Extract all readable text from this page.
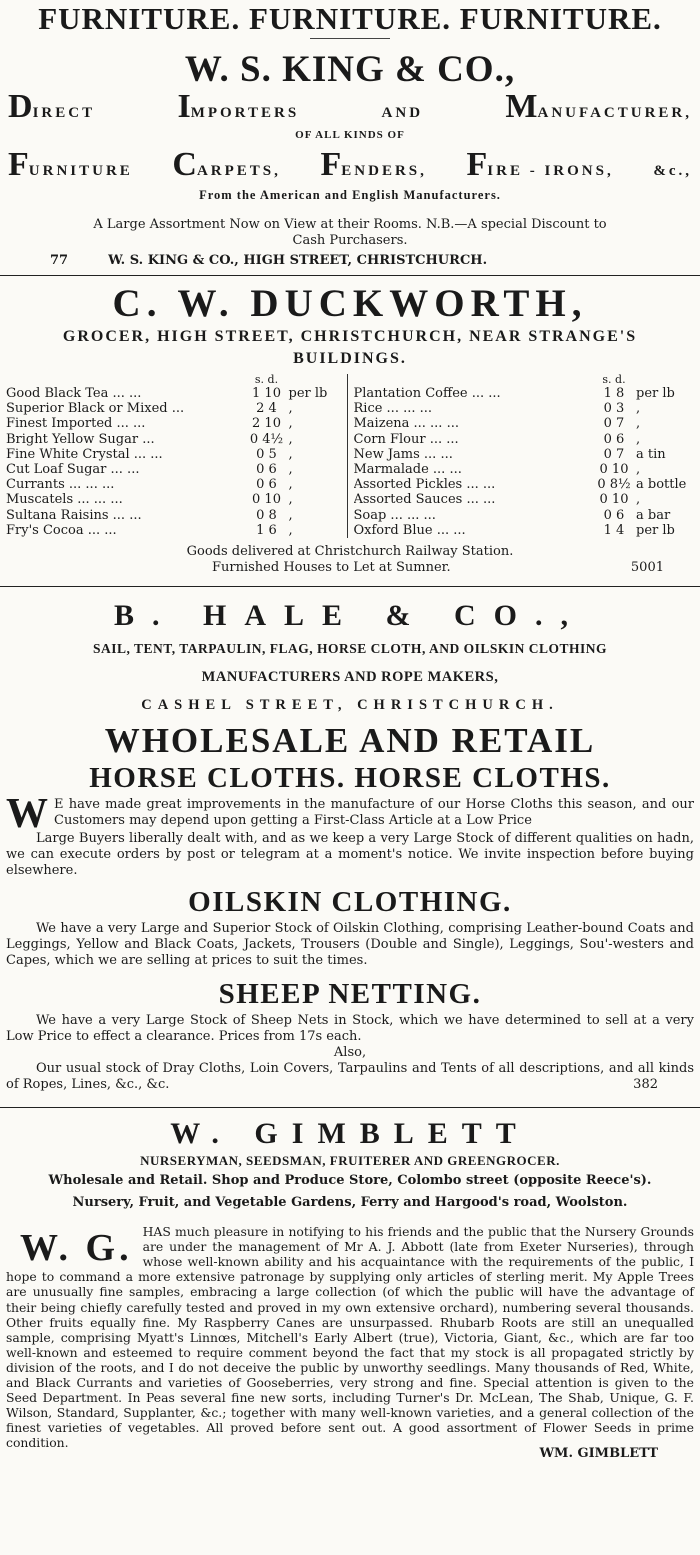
FURNITURE. FURNITURE. FURNITURE.
W. S. KING & CO.,
DIRECT IMPORTERS	AND MANUFACTURER,
OF ALL KINDS OF
FURNITURE CARPETS, FENDERS, FIRE - IRONS,	&c.,
From the American and English Manufacturers.
A Large Assortment Now on View at their Rooms. N.B.—A special Discount to
Cash Purchasers.
77	W. S. KING & CO., HIGH STREET, CHRISTCHURCH.
C. W. DUCKWORTH,
GROCER, HIGH STREET, CHRISTCHURCH, NEAR STRANGE'S
BUILDINGS.
s. d.
Good Black Tea ... ...	1 10 per lb
Superior Black or Mixed ...	2 4 ,
Finest Imported ... ...	2 10 ,
Bright Yellow Sugar ...	0 4½ ,
Fine White Crystal ... ...	0 5 ,
Cut Loaf Sugar ... ...	0 6 ,
Currants ... ... ...	0 6 ,
Muscatels ... ... ...	0 10 ,
Sultana Raisins ... ...	0 8 ,
Fry's Cocoa ... ...	1 6 ,
s. d.
Plantation Coffee ... ...	1 8 per lb
Rice ... ... ...	0 3 ,
Maizena ... ... ...	0 7 ,
Corn Flour ... ...	0 6 ,
New Jams ... ...	0 7 a tin
Marmalade ... ...	0 10 ,
Assorted Pickles ... ...	0 8½ a bottle
Assorted Sauces ... ...	0 10 ,
Soap ... ... ...	0 6 a bar
Oxford Blue ... ...	1 4 per lb
Goods delivered at Christchurch Railway Station.
Furnished Houses to Let at Sumner.	5001
B. HALE & CO.,
SAIL, TENT, TARPAULIN, FLAG, HORSE CLOTH, AND OILSKIN CLOTHING
MANUFACTURERS AND ROPE MAKERS,
CASHEL STREET, CHRISTCHURCH.
WHOLESALE AND RETAIL
HORSE CLOTHS. HORSE CLOTHS.
W E have made great improvements in the manufacture of our Horse Cloths this season, and our Customers may depend upon getting a First-Class Article at a Low Price

Large Buyers liberally dealt with, and as we keep a very Large Stock of different qualities on hadn, we can execute orders by post or telegram at a moment's notice. We invite inspection before buying elsewhere.

OILSKIN CLOTHING.

We have a very Large and Superior Stock of Oilskin Clothing, comprising Leather-bound Coats and Leggings, Yellow and Black Coats, Jackets, Trousers (Double and Single), Leggings, Sou'-westers and Capes, which we are selling at prices to suit the times.

SHEEP NETTING.

We have a very Large Stock of Sheep Nets in Stock, which we have determined to sell at a very Low Price to effect a clearance. Prices from 17s each.

Also,

Our usual stock of Dray Cloths, Loin Covers, Tarpaulins and Tents of all descriptions, and all kinds of Ropes, Lines, &c., &c.	382
W. GIMBLETT
NURSERYMAN, SEEDSMAN, FRUITERER AND GREENGROCER.
Wholesale and Retail. Shop and Produce Store, Colombo street (opposite Reece's).
Nursery, Fruit, and Vegetable Gardens, Ferry and Hargood's road, Woolston.
W. G. HAS much pleasure in notifying to his friends and the public that the Nursery Grounds are under the management of Mr A. J. Abbott (late from Exeter Nurseries), through whose well-known ability and his acquaintance with the requirements of the public, I hope to command a more extensive patronage by supplying only articles of sterling merit. My Apple Trees are unusually fine samples, embracing a large collection (of which the public will have the advantage of their being chiefly carefully tested and proved in my own extensive orchard), numbering several thousands. Other fruits equally fine. My Raspberry Canes are unsurpassed. Rhubarb Roots are still an unequalled sample, comprising Myatt's Linnœs, Mitchell's Early Albert (true), Victoria, Giant, &c., which are far too well-known and esteemed to require comment beyond the fact that my stock is all propagated strictly by division of the roots, and I do not deceive the public by unworthy seedlings. Many thousands of Red, White, and Black Currants and varieties of Gooseberries, very strong and fine. Special attention is given to the Seed Department. In Peas several fine new sorts, including Turner's Dr. McLean, The Shab, Unique, G. F. Wilson, Standard, Supplanter, &c.; together with many well-known varieties, and a general collection of the finest varieties of vegetables. All proved before sent out. A good assortment of Flower Seeds in prime condition.
WM. GIMBLETT
